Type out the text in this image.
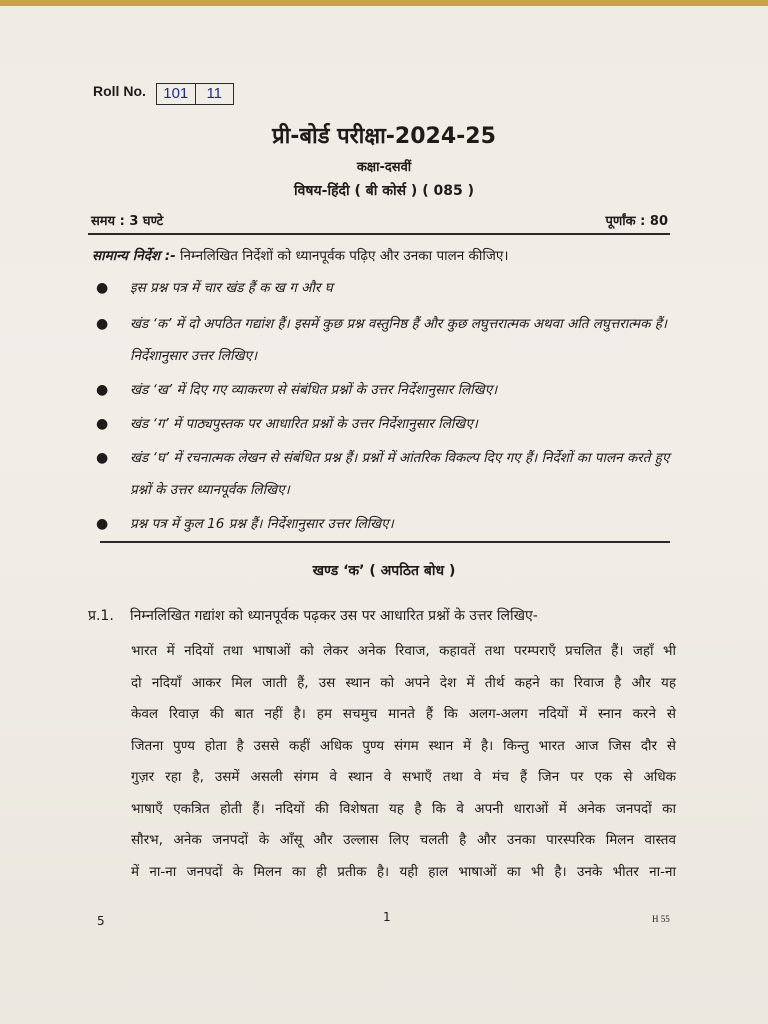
Roll No.	101	11
प्री-बोर्ड परीक्षा-2024-25
कक्षा-दसवीं
विषय-हिंदी ( बी कोर्स ) ( 085 )
समय : 3 घण्टे	पूर्णांक : 80
सामान्य निर्देश :- निम्नलिखित निर्देशों को ध्यानपूर्वक पढ़िए और उनका पालन कीजिए।
● इस प्रश्न पत्र में चार खंड हैं क ख ग और घ
● खंड ‘क’ में दो अपठित गद्यांश हैं। इसमें कुछ प्रश्न वस्तुनिष्ठ हैं और कुछ लघुत्तरात्मक अथवा अति लघुत्तरात्मक हैं। निर्देशानुसार उत्तर लिखिए।
● खंड ‘ख’ में दिए गए व्याकरण से संबंधित प्रश्नों के उत्तर निर्देशानुसार लिखिए।
● खंड ‘ग’ में पाठ्यपुस्तक पर आधारित प्रश्नों के उत्तर निर्देशानुसार लिखिए।
● खंड ‘घ’ में रचनात्मक लेखन से संबंधित प्रश्न हैं। प्रश्नों में आंतरिक विकल्प दिए गए हैं। निर्देशों का पालन करते हुए प्रश्नों के उत्तर ध्यानपूर्वक लिखिए।
● प्रश्न पत्र में कुल 16 प्रश्न हैं। निर्देशानुसार उत्तर लिखिए।
खण्ड ‘क’ ( अपठित बोध )
प्र.1. निम्नलिखित गद्यांश को ध्यानपूर्वक पढ़कर उस पर आधारित प्रश्नों के उत्तर लिखिए-
भारत में नदियों तथा भाषाओं को लेकर अनेक रिवाज, कहावतें तथा परम्पराएँ प्रचलित हैं। जहाँ भी
दो नदियाँ आकर मिल जाती हैं, उस स्थान को अपने देश में तीर्थ कहने का रिवाज है और यह
केवल रिवाज़ की बात नहीं है। हम सचमुच मानते हैं कि अलग-अलग नदियों में स्नान करने से
जितना पुण्य होता है उससे कहीं अधिक पुण्य संगम स्थान में है। किन्तु भारत आज जिस दौर से
गुज़र रहा है, उसमें असली संगम वे स्थान वे सभाएँ तथा वे मंच हैं जिन पर एक से अधिक
भाषाएँ एकत्रित होती हैं। नदियों की विशेषता यह है कि वे अपनी धाराओं में अनेक जनपदों का
सौरभ, अनेक जनपदों के आँसू और उल्लास लिए चलती है और उनका पारस्परिक मिलन वास्तव
में ना-ना जनपदों के मिलन का ही प्रतीक है। यही हाल भाषाओं का भी है। उनके भीतर ना-ना
5	1	H 55
